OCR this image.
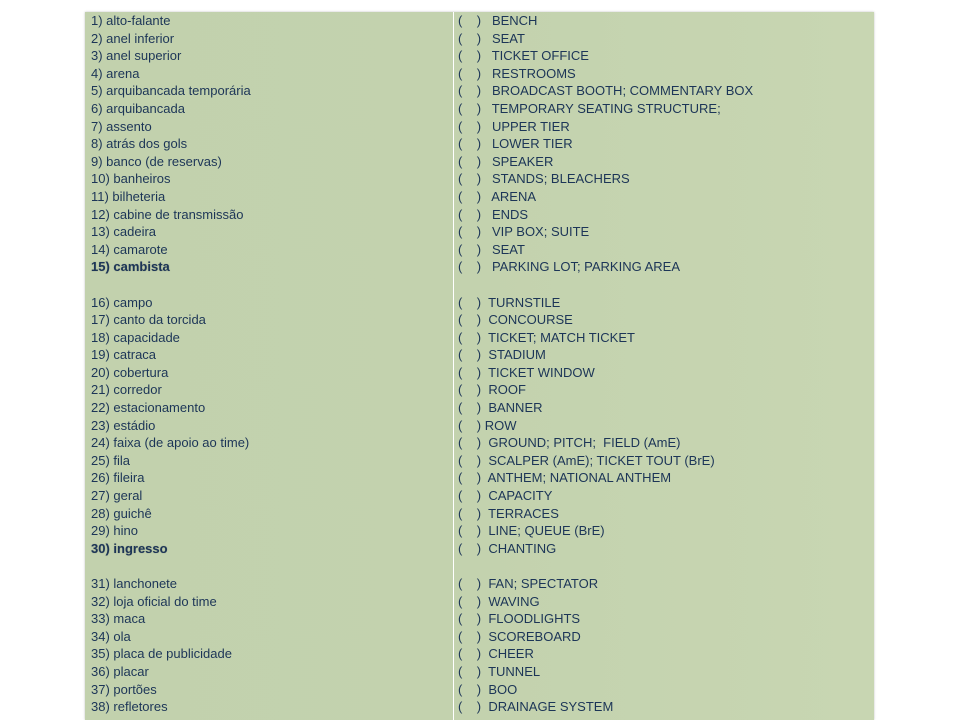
1) alto-falante
2) anel inferior
3) anel superior
4) arena
5) arquibancada temporária
6) arquibancada
7) assento
8) atrás dos gols
9) banco (de reservas)
10) banheiros
11) bilheteria
12) cabine de transmissão
13) cadeira
14) camarote
15) cambista
16) campo
17) canto da torcida
18) capacidade
19) catraca
20) cobertura
21) corredor
22) estacionamento
23) estádio
24) faixa (de apoio ao time)
25) fila
26) fileira
27) geral
28) guichê
29) hino
30) ingresso
31) lanchonete
32) loja oficial do time
33) maca
34) ola
35) placa de publicidade
36) placar
37) portões
38) refletores
(    )   BENCH
(    )   SEAT
(    )   TICKET OFFICE
(    )   RESTROOMS
(    )   BROADCAST BOOTH; COMMENTARY BOX
(    )   TEMPORARY SEATING STRUCTURE;
(    )   UPPER TIER
(    )   LOWER TIER
(    )   SPEAKER
(    )   STANDS; BLEACHERS
(    )   ARENA
(    )   ENDS
(    )   VIP BOX; SUITE
(    )   SEAT
(    )   PARKING LOT; PARKING AREA
(    )  TURNSTILE
(    )  CONCOURSE
(    )  TICKET; MATCH TICKET
(    )  STADIUM
(    )  TICKET WINDOW
(    )  ROOF
(    )  BANNER
(    ) ROW
(    )  GROUND; PITCH;  FIELD (AmE)
(    )  SCALPER (AmE); TICKET TOUT (BrE)
(    )  ANTHEM; NATIONAL ANTHEM
(    )  CAPACITY
(    )  TERRACES
(    )  LINE; QUEUE (BrE)
(    )  CHANTING
(    )  FAN; SPECTATOR
(    )  WAVING
(    )  FLOODLIGHTS
(    )  SCOREBOARD
(    )  CHEER
(    )  TUNNEL
(    )  BOO
(    )  DRAINAGE SYSTEM
